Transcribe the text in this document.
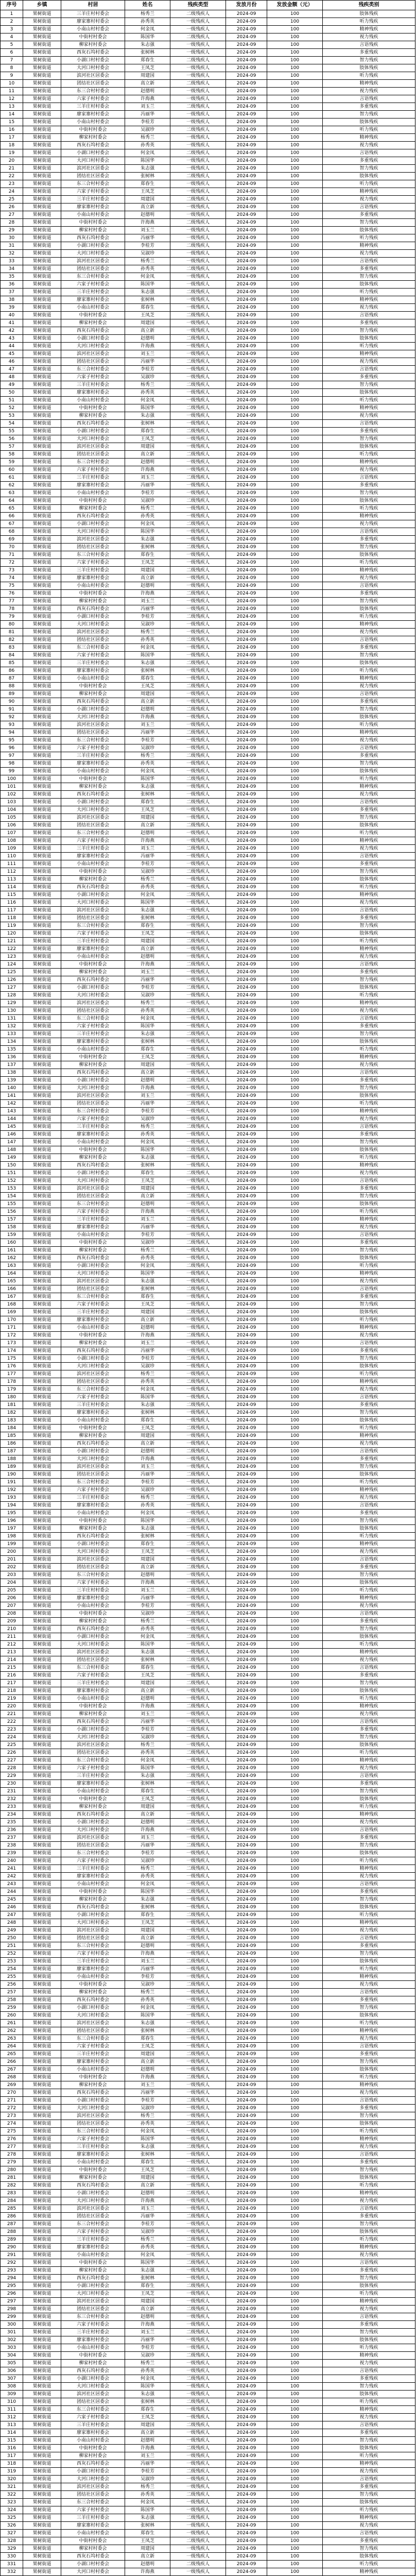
序号	乡镇	村居	姓名	残疾类型	发放月份	发放金额（元）	残疾类别
1	果树街道	三羊庄村村委会	杨秀兰	二级残疾人	2024-09	100	肢体残疾
2	果树街道	廖家寨村村委会	孙秀英	一级残疾人	2024-09	100	听力残疾
3	果树街道	小南山村村委会	何金凤	一级残疾人	2024-09	100	精神残疾
4	果树街道	中街村村委会	陈国华	二级残疾人	2024-09	100	视力残疾
5	果树街道	柳家村村委会	朱志强	一级残疾人	2024-09	100	言语残疾
6	果树街道	西灰石坞村委会	张树林	一级残疾人	2024-09	100	多重残疾
7	果树街道	小湖口村村委会	郑春生	二级残疾人	2024-09	100	智力残疾
8	果树街道	大河口村村委会	王凤芝	一级残疾人	2024-09	100	肢体残疾
9	果树街道	滨河社区居委会	周建国	一级残疾人	2024-09	100	听力残疾
10	果树街道	团结社区居委会	高立新	二级残疾人	2024-09	100	精神残疾
11	果树街道	东三合村村委会	赵德明	一级残疾人	2024-09	100	视力残疾
12	果树街道	六家子村村委会	许海燕	一级残疾人	2024-09	100	言语残疾
13	果树街道	三羊庄村村委会	刘玉兰	二级残疾人	2024-09	100	多重残疾
14	果树街道	廖家寨村村委会	冯丽华	一级残疾人	2024-09	100	智力残疾
15	果树街道	小南山村村委会	李桂芳	一级残疾人	2024-09	100	肢体残疾
16	果树街道	中街村村委会	吴淑珍	二级残疾人	2024-09	100	听力残疾
17	果树街道	柳家村村委会	杨秀兰	一级残疾人	2024-09	100	精神残疾
18	果树街道	西灰石坞村委会	孙秀英	一级残疾人	2024-09	100	视力残疾
19	果树街道	小湖口村村委会	何金凤	二级残疾人	2024-09	100	言语残疾
20	果树街道	大河口村村委会	陈国华	一级残疾人	2024-09	100	多重残疾
21	果树街道	滨河社区居委会	朱志强	一级残疾人	2024-09	100	智力残疾
22	果树街道	团结社区居委会	张树林	二级残疾人	2024-09	100	肢体残疾
23	果树街道	东三合村村委会	郑春生	一级残疾人	2024-09	100	听力残疾
24	果树街道	六家子村村委会	王凤芝	一级残疾人	2024-09	100	精神残疾
25	果树街道	三羊庄村村委会	周建国	二级残疾人	2024-09	100	视力残疾
26	果树街道	廖家寨村村委会	高立新	一级残疾人	2024-09	100	言语残疾
27	果树街道	小南山村村委会	赵德明	一级残疾人	2024-09	100	多重残疾
28	果树街道	中街村村委会	许海燕	二级残疾人	2024-09	100	智力残疾
29	果树街道	柳家村村委会	刘玉兰	一级残疾人	2024-09	100	肢体残疾
30	果树街道	西灰石坞村委会	冯丽华	一级残疾人	2024-09	100	听力残疾
31	果树街道	小湖口村村委会	李桂芳	二级残疾人	2024-09	100	精神残疾
32	果树街道	大河口村村委会	吴淑珍	一级残疾人	2024-09	100	视力残疾
33	果树街道	滨河社区居委会	杨秀兰	一级残疾人	2024-09	100	言语残疾
34	果树街道	团结社区居委会	孙秀英	二级残疾人	2024-09	100	多重残疾
35	果树街道	东三合村村委会	何金凤	一级残疾人	2024-09	100	智力残疾
36	果树街道	六家子村村委会	陈国华	一级残疾人	2024-09	100	肢体残疾
37	果树街道	三羊庄村村委会	朱志强	二级残疾人	2024-09	100	听力残疾
38	果树街道	廖家寨村村委会	张树林	一级残疾人	2024-09	100	精神残疾
39	果树街道	小南山村村委会	郑春生	一级残疾人	2024-09	100	视力残疾
40	果树街道	中街村村委会	王凤芝	二级残疾人	2024-09	100	言语残疾
41	果树街道	柳家村村委会	周建国	一级残疾人	2024-09	100	多重残疾
42	果树街道	西灰石坞村委会	高立新	一级残疾人	2024-09	100	智力残疾
43	果树街道	小湖口村村委会	赵德明	二级残疾人	2024-09	100	肢体残疾
44	果树街道	大河口村村委会	许海燕	一级残疾人	2024-09	100	听力残疾
45	果树街道	滨河社区居委会	刘玉兰	一级残疾人	2024-09	100	精神残疾
46	果树街道	团结社区居委会	冯丽华	二级残疾人	2024-09	100	视力残疾
47	果树街道	东三合村村委会	李桂芳	一级残疾人	2024-09	100	言语残疾
48	果树街道	六家子村村委会	吴淑珍	一级残疾人	2024-09	100	多重残疾
49	果树街道	三羊庄村村委会	杨秀兰	二级残疾人	2024-09	100	智力残疾
50	果树街道	廖家寨村村委会	孙秀英	一级残疾人	2024-09	100	肢体残疾
51	果树街道	小南山村村委会	何金凤	一级残疾人	2024-09	100	听力残疾
52	果树街道	中街村村委会	陈国华	二级残疾人	2024-09	100	精神残疾
53	果树街道	柳家村村委会	朱志强	一级残疾人	2024-09	100	视力残疾
54	果树街道	西灰石坞村委会	张树林	一级残疾人	2024-09	100	言语残疾
55	果树街道	小湖口村村委会	郑春生	二级残疾人	2024-09	100	多重残疾
56	果树街道	大河口村村委会	王凤芝	一级残疾人	2024-09	100	智力残疾
57	果树街道	滨河社区居委会	周建国	一级残疾人	2024-09	100	肢体残疾
58	果树街道	团结社区居委会	高立新	二级残疾人	2024-09	100	听力残疾
59	果树街道	东三合村村委会	赵德明	一级残疾人	2024-09	100	精神残疾
60	果树街道	六家子村村委会	许海燕	一级残疾人	2024-09	100	视力残疾
61	果树街道	三羊庄村村委会	刘玉兰	二级残疾人	2024-09	100	言语残疾
62	果树街道	廖家寨村村委会	冯丽华	一级残疾人	2024-09	100	多重残疾
63	果树街道	小南山村村委会	李桂芳	一级残疾人	2024-09	100	智力残疾
64	果树街道	中街村村委会	吴淑珍	二级残疾人	2024-09	100	肢体残疾
65	果树街道	柳家村村委会	杨秀兰	一级残疾人	2024-09	100	听力残疾
66	果树街道	西灰石坞村委会	孙秀英	一级残疾人	2024-09	100	精神残疾
67	果树街道	小湖口村村委会	何金凤	二级残疾人	2024-09	100	视力残疾
68	果树街道	大河口村村委会	陈国华	一级残疾人	2024-09	100	言语残疾
69	果树街道	滨河社区居委会	朱志强	一级残疾人	2024-09	100	多重残疾
70	果树街道	团结社区居委会	张树林	二级残疾人	2024-09	100	智力残疾
71	果树街道	东三合村村委会	郑春生	一级残疾人	2024-09	100	肢体残疾
72	果树街道	六家子村村委会	王凤芝	一级残疾人	2024-09	100	听力残疾
73	果树街道	三羊庄村村委会	周建国	二级残疾人	2024-09	100	精神残疾
74	果树街道	廖家寨村村委会	高立新	一级残疾人	2024-09	100	视力残疾
75	果树街道	小南山村村委会	赵德明	一级残疾人	2024-09	100	言语残疾
76	果树街道	中街村村委会	许海燕	二级残疾人	2024-09	100	多重残疾
77	果树街道	柳家村村委会	刘玉兰	一级残疾人	2024-09	100	智力残疾
78	果树街道	西灰石坞村委会	冯丽华	一级残疾人	2024-09	100	肢体残疾
79	果树街道	小湖口村村委会	李桂芳	二级残疾人	2024-09	100	听力残疾
80	果树街道	大河口村村委会	吴淑珍	一级残疾人	2024-09	100	精神残疾
81	果树街道	滨河社区居委会	杨秀兰	一级残疾人	2024-09	100	视力残疾
82	果树街道	团结社区居委会	孙秀英	二级残疾人	2024-09	100	言语残疾
83	果树街道	东三合村村委会	何金凤	一级残疾人	2024-09	100	多重残疾
84	果树街道	六家子村村委会	陈国华	一级残疾人	2024-09	100	智力残疾
85	果树街道	三羊庄村村委会	朱志强	二级残疾人	2024-09	100	肢体残疾
86	果树街道	廖家寨村村委会	张树林	一级残疾人	2024-09	100	听力残疾
87	果树街道	小南山村村委会	郑春生	一级残疾人	2024-09	100	精神残疾
88	果树街道	中街村村委会	王凤芝	二级残疾人	2024-09	100	视力残疾
89	果树街道	柳家村村委会	周建国	一级残疾人	2024-09	100	言语残疾
90	果树街道	西灰石坞村委会	高立新	一级残疾人	2024-09	100	多重残疾
91	果树街道	小湖口村村委会	赵德明	二级残疾人	2024-09	100	智力残疾
92	果树街道	大河口村村委会	许海燕	一级残疾人	2024-09	100	肢体残疾
93	果树街道	滨河社区居委会	刘玉兰	一级残疾人	2024-09	100	听力残疾
94	果树街道	团结社区居委会	冯丽华	二级残疾人	2024-09	100	精神残疾
95	果树街道	东三合村村委会	李桂芳	一级残疾人	2024-09	100	视力残疾
96	果树街道	六家子村村委会	吴淑珍	一级残疾人	2024-09	100	言语残疾
97	果树街道	三羊庄村村委会	杨秀兰	二级残疾人	2024-09	100	多重残疾
98	果树街道	廖家寨村村委会	孙秀英	一级残疾人	2024-09	100	智力残疾
99	果树街道	小南山村村委会	何金凤	一级残疾人	2024-09	100	肢体残疾
100	果树街道	中街村村委会	陈国华	二级残疾人	2024-09	100	听力残疾
101	果树街道	柳家村村委会	朱志强	一级残疾人	2024-09	100	精神残疾
102	果树街道	西灰石坞村委会	张树林	一级残疾人	2024-09	100	视力残疾
103	果树街道	小湖口村村委会	郑春生	二级残疾人	2024-09	100	言语残疾
104	果树街道	大河口村村委会	王凤芝	一级残疾人	2024-09	100	多重残疾
105	果树街道	滨河社区居委会	周建国	一级残疾人	2024-09	100	智力残疾
106	果树街道	团结社区居委会	高立新	二级残疾人	2024-09	100	肢体残疾
107	果树街道	东三合村村委会	赵德明	一级残疾人	2024-09	100	听力残疾
108	果树街道	六家子村村委会	许海燕	一级残疾人	2024-09	100	精神残疾
109	果树街道	三羊庄村村委会	刘玉兰	二级残疾人	2024-09	100	视力残疾
110	果树街道	廖家寨村村委会	冯丽华	一级残疾人	2024-09	100	言语残疾
111	果树街道	小南山村村委会	李桂芳	一级残疾人	2024-09	100	多重残疾
112	果树街道	中街村村委会	吴淑珍	二级残疾人	2024-09	100	智力残疾
113	果树街道	柳家村村委会	杨秀兰	一级残疾人	2024-09	100	肢体残疾
114	果树街道	西灰石坞村委会	孙秀英	一级残疾人	2024-09	100	听力残疾
115	果树街道	小湖口村村委会	何金凤	二级残疾人	2024-09	100	精神残疾
116	果树街道	大河口村村委会	陈国华	一级残疾人	2024-09	100	视力残疾
117	果树街道	滨河社区居委会	朱志强	一级残疾人	2024-09	100	言语残疾
118	果树街道	团结社区居委会	张树林	二级残疾人	2024-09	100	多重残疾
119	果树街道	东三合村村委会	郑春生	一级残疾人	2024-09	100	智力残疾
120	果树街道	六家子村村委会	王凤芝	一级残疾人	2024-09	100	肢体残疾
121	果树街道	三羊庄村村委会	周建国	二级残疾人	2024-09	100	听力残疾
122	果树街道	廖家寨村村委会	高立新	一级残疾人	2024-09	100	精神残疾
123	果树街道	小南山村村委会	赵德明	一级残疾人	2024-09	100	视力残疾
124	果树街道	中街村村委会	许海燕	二级残疾人	2024-09	100	言语残疾
125	果树街道	柳家村村委会	刘玉兰	一级残疾人	2024-09	100	多重残疾
126	果树街道	西灰石坞村委会	冯丽华	一级残疾人	2024-09	100	智力残疾
127	果树街道	小湖口村村委会	李桂芳	二级残疾人	2024-09	100	肢体残疾
128	果树街道	大河口村村委会	吴淑珍	一级残疾人	2024-09	100	听力残疾
129	果树街道	滨河社区居委会	杨秀兰	一级残疾人	2024-09	100	精神残疾
130	果树街道	团结社区居委会	孙秀英	二级残疾人	2024-09	100	视力残疾
131	果树街道	东三合村村委会	何金凤	一级残疾人	2024-09	100	言语残疾
132	果树街道	六家子村村委会	陈国华	一级残疾人	2024-09	100	多重残疾
133	果树街道	三羊庄村村委会	朱志强	二级残疾人	2024-09	100	智力残疾
134	果树街道	廖家寨村村委会	张树林	一级残疾人	2024-09	100	肢体残疾
135	果树街道	小南山村村委会	郑春生	一级残疾人	2024-09	100	听力残疾
136	果树街道	中街村村委会	王凤芝	二级残疾人	2024-09	100	精神残疾
137	果树街道	柳家村村委会	周建国	一级残疾人	2024-09	100	视力残疾
138	果树街道	西灰石坞村委会	高立新	一级残疾人	2024-09	100	言语残疾
139	果树街道	小湖口村村委会	赵德明	二级残疾人	2024-09	100	多重残疾
140	果树街道	大河口村村委会	许海燕	一级残疾人	2024-09	100	智力残疾
141	果树街道	滨河社区居委会	刘玉兰	一级残疾人	2024-09	100	肢体残疾
142	果树街道	团结社区居委会	冯丽华	二级残疾人	2024-09	100	听力残疾
143	果树街道	东三合村村委会	李桂芳	一级残疾人	2024-09	100	精神残疾
144	果树街道	六家子村村委会	吴淑珍	一级残疾人	2024-09	100	视力残疾
145	果树街道	三羊庄村村委会	杨秀兰	二级残疾人	2024-09	100	言语残疾
146	果树街道	廖家寨村村委会	孙秀英	一级残疾人	2024-09	100	多重残疾
147	果树街道	小南山村村委会	何金凤	一级残疾人	2024-09	100	智力残疾
148	果树街道	中街村村委会	陈国华	二级残疾人	2024-09	100	肢体残疾
149	果树街道	柳家村村委会	朱志强	一级残疾人	2024-09	100	听力残疾
150	果树街道	西灰石坞村委会	张树林	一级残疾人	2024-09	100	精神残疾
151	果树街道	小湖口村村委会	郑春生	二级残疾人	2024-09	100	视力残疾
152	果树街道	大河口村村委会	王凤芝	一级残疾人	2024-09	100	言语残疾
153	果树街道	滨河社区居委会	周建国	一级残疾人	2024-09	100	多重残疾
154	果树街道	团结社区居委会	高立新	二级残疾人	2024-09	100	智力残疾
155	果树街道	东三合村村委会	赵德明	一级残疾人	2024-09	100	肢体残疾
156	果树街道	六家子村村委会	许海燕	一级残疾人	2024-09	100	听力残疾
157	果树街道	三羊庄村村委会	刘玉兰	二级残疾人	2024-09	100	精神残疾
158	果树街道	廖家寨村村委会	冯丽华	一级残疾人	2024-09	100	视力残疾
159	果树街道	小南山村村委会	李桂芳	一级残疾人	2024-09	100	言语残疾
160	果树街道	中街村村委会	吴淑珍	二级残疾人	2024-09	100	多重残疾
161	果树街道	柳家村村委会	杨秀兰	一级残疾人	2024-09	100	智力残疾
162	果树街道	西灰石坞村委会	孙秀英	一级残疾人	2024-09	100	肢体残疾
163	果树街道	小湖口村村委会	何金凤	二级残疾人	2024-09	100	听力残疾
164	果树街道	大河口村村委会	陈国华	一级残疾人	2024-09	100	精神残疾
165	果树街道	滨河社区居委会	朱志强	一级残疾人	2024-09	100	视力残疾
166	果树街道	团结社区居委会	张树林	二级残疾人	2024-09	100	言语残疾
167	果树街道	东三合村村委会	郑春生	一级残疾人	2024-09	100	多重残疾
168	果树街道	六家子村村委会	王凤芝	一级残疾人	2024-09	100	智力残疾
169	果树街道	三羊庄村村委会	周建国	二级残疾人	2024-09	100	肢体残疾
170	果树街道	廖家寨村村委会	高立新	一级残疾人	2024-09	100	听力残疾
171	果树街道	小南山村村委会	赵德明	一级残疾人	2024-09	100	精神残疾
172	果树街道	中街村村委会	许海燕	二级残疾人	2024-09	100	视力残疾
173	果树街道	柳家村村委会	刘玉兰	一级残疾人	2024-09	100	言语残疾
174	果树街道	西灰石坞村委会	冯丽华	一级残疾人	2024-09	100	多重残疾
175	果树街道	小湖口村村委会	李桂芳	二级残疾人	2024-09	100	智力残疾
176	果树街道	大河口村村委会	吴淑珍	一级残疾人	2024-09	100	肢体残疾
177	果树街道	滨河社区居委会	杨秀兰	一级残疾人	2024-09	100	听力残疾
178	果树街道	团结社区居委会	孙秀英	二级残疾人	2024-09	100	精神残疾
179	果树街道	东三合村村委会	何金凤	一级残疾人	2024-09	100	视力残疾
180	果树街道	六家子村村委会	陈国华	一级残疾人	2024-09	100	言语残疾
181	果树街道	三羊庄村村委会	朱志强	二级残疾人	2024-09	100	多重残疾
182	果树街道	廖家寨村村委会	张树林	一级残疾人	2024-09	100	智力残疾
183	果树街道	小南山村村委会	郑春生	一级残疾人	2024-09	100	肢体残疾
184	果树街道	中街村村委会	王凤芝	二级残疾人	2024-09	100	听力残疾
185	果树街道	柳家村村委会	周建国	一级残疾人	2024-09	100	精神残疾
186	果树街道	西灰石坞村委会	高立新	一级残疾人	2024-09	100	视力残疾
187	果树街道	小湖口村村委会	赵德明	二级残疾人	2024-09	100	言语残疾
188	果树街道	大河口村村委会	许海燕	一级残疾人	2024-09	100	多重残疾
189	果树街道	滨河社区居委会	刘玉兰	一级残疾人	2024-09	100	智力残疾
190	果树街道	团结社区居委会	冯丽华	二级残疾人	2024-09	100	肢体残疾
191	果树街道	东三合村村委会	李桂芳	一级残疾人	2024-09	100	听力残疾
192	果树街道	六家子村村委会	吴淑珍	一级残疾人	2024-09	100	精神残疾
193	果树街道	三羊庄村村委会	杨秀兰	二级残疾人	2024-09	100	视力残疾
194	果树街道	廖家寨村村委会	孙秀英	一级残疾人	2024-09	100	言语残疾
195	果树街道	小南山村村委会	何金凤	一级残疾人	2024-09	100	多重残疾
196	果树街道	中街村村委会	陈国华	二级残疾人	2024-09	100	智力残疾
197	果树街道	柳家村村委会	朱志强	一级残疾人	2024-09	100	肢体残疾
198	果树街道	西灰石坞村委会	张树林	一级残疾人	2024-09	100	听力残疾
199	果树街道	小湖口村村委会	郑春生	二级残疾人	2024-09	100	精神残疾
200	果树街道	大河口村村委会	王凤芝	一级残疾人	2024-09	100	视力残疾
201	果树街道	滨河社区居委会	周建国	一级残疾人	2024-09	100	言语残疾
202	果树街道	团结社区居委会	高立新	二级残疾人	2024-09	100	多重残疾
203	果树街道	东三合村村委会	赵德明	一级残疾人	2024-09	100	智力残疾
204	果树街道	六家子村村委会	许海燕	一级残疾人	2024-09	100	肢体残疾
205	果树街道	三羊庄村村委会	刘玉兰	二级残疾人	2024-09	100	听力残疾
206	果树街道	廖家寨村村委会	冯丽华	一级残疾人	2024-09	100	精神残疾
207	果树街道	小南山村村委会	李桂芳	一级残疾人	2024-09	100	视力残疾
208	果树街道	中街村村委会	吴淑珍	二级残疾人	2024-09	100	言语残疾
209	果树街道	柳家村村委会	杨秀兰	一级残疾人	2024-09	100	多重残疾
210	果树街道	西灰石坞村委会	孙秀英	一级残疾人	2024-09	100	智力残疾
211	果树街道	小湖口村村委会	何金凤	二级残疾人	2024-09	100	肢体残疾
212	果树街道	大河口村村委会	陈国华	一级残疾人	2024-09	100	听力残疾
213	果树街道	滨河社区居委会	朱志强	一级残疾人	2024-09	100	精神残疾
214	果树街道	团结社区居委会	张树林	二级残疾人	2024-09	100	视力残疾
215	果树街道	东三合村村委会	郑春生	一级残疾人	2024-09	100	言语残疾
216	果树街道	六家子村村委会	王凤芝	一级残疾人	2024-09	100	多重残疾
217	果树街道	三羊庄村村委会	周建国	二级残疾人	2024-09	100	智力残疾
218	果树街道	廖家寨村村委会	高立新	一级残疾人	2024-09	100	肢体残疾
219	果树街道	小南山村村委会	赵德明	一级残疾人	2024-09	100	听力残疾
220	果树街道	中街村村委会	许海燕	二级残疾人	2024-09	100	精神残疾
221	果树街道	柳家村村委会	刘玉兰	一级残疾人	2024-09	100	视力残疾
222	果树街道	西灰石坞村委会	冯丽华	一级残疾人	2024-09	100	言语残疾
223	果树街道	小湖口村村委会	李桂芳	二级残疾人	2024-09	100	多重残疾
224	果树街道	大河口村村委会	吴淑珍	一级残疾人	2024-09	100	智力残疾
225	果树街道	滨河社区居委会	杨秀兰	一级残疾人	2024-09	100	肢体残疾
226	果树街道	团结社区居委会	孙秀英	二级残疾人	2024-09	100	听力残疾
227	果树街道	东三合村村委会	何金凤	一级残疾人	2024-09	100	精神残疾
228	果树街道	六家子村村委会	陈国华	一级残疾人	2024-09	100	视力残疾
229	果树街道	三羊庄村村委会	朱志强	二级残疾人	2024-09	100	言语残疾
230	果树街道	廖家寨村村委会	张树林	一级残疾人	2024-09	100	多重残疾
231	果树街道	小南山村村委会	郑春生	一级残疾人	2024-09	100	智力残疾
232	果树街道	中街村村委会	王凤芝	二级残疾人	2024-09	100	肢体残疾
233	果树街道	柳家村村委会	周建国	一级残疾人	2024-09	100	听力残疾
234	果树街道	西灰石坞村委会	高立新	一级残疾人	2024-09	100	精神残疾
235	果树街道	小湖口村村委会	赵德明	二级残疾人	2024-09	100	视力残疾
236	果树街道	大河口村村委会	许海燕	一级残疾人	2024-09	100	言语残疾
237	果树街道	滨河社区居委会	刘玉兰	一级残疾人	2024-09	100	多重残疾
238	果树街道	团结社区居委会	冯丽华	二级残疾人	2024-09	100	智力残疾
239	果树街道	东三合村村委会	李桂芳	一级残疾人	2024-09	100	肢体残疾
240	果树街道	六家子村村委会	吴淑珍	一级残疾人	2024-09	100	听力残疾
241	果树街道	三羊庄村村委会	杨秀兰	二级残疾人	2024-09	100	精神残疾
242	果树街道	廖家寨村村委会	孙秀英	一级残疾人	2024-09	100	视力残疾
243	果树街道	小南山村村委会	何金凤	一级残疾人	2024-09	100	言语残疾
244	果树街道	中街村村委会	陈国华	二级残疾人	2024-09	100	多重残疾
245	果树街道	柳家村村委会	朱志强	一级残疾人	2024-09	100	智力残疾
246	果树街道	西灰石坞村委会	张树林	一级残疾人	2024-09	100	肢体残疾
247	果树街道	小湖口村村委会	郑春生	二级残疾人	2024-09	100	听力残疾
248	果树街道	大河口村村委会	王凤芝	一级残疾人	2024-09	100	精神残疾
249	果树街道	滨河社区居委会	周建国	一级残疾人	2024-09	100	视力残疾
250	果树街道	团结社区居委会	高立新	二级残疾人	2024-09	100	言语残疾
251	果树街道	东三合村村委会	赵德明	一级残疾人	2024-09	100	多重残疾
252	果树街道	六家子村村委会	许海燕	一级残疾人	2024-09	100	智力残疾
253	果树街道	三羊庄村村委会	刘玉兰	二级残疾人	2024-09	100	肢体残疾
254	果树街道	廖家寨村村委会	冯丽华	一级残疾人	2024-09	100	听力残疾
255	果树街道	小南山村村委会	李桂芳	一级残疾人	2024-09	100	精神残疾
256	果树街道	中街村村委会	吴淑珍	二级残疾人	2024-09	100	视力残疾
257	果树街道	柳家村村委会	杨秀兰	一级残疾人	2024-09	100	言语残疾
258	果树街道	西灰石坞村委会	孙秀英	一级残疾人	2024-09	100	多重残疾
259	果树街道	小湖口村村委会	何金凤	二级残疾人	2024-09	100	智力残疾
260	果树街道	大河口村村委会	陈国华	一级残疾人	2024-09	100	肢体残疾
261	果树街道	滨河社区居委会	朱志强	一级残疾人	2024-09	100	听力残疾
262	果树街道	团结社区居委会	张树林	二级残疾人	2024-09	100	精神残疾
263	果树街道	东三合村村委会	郑春生	一级残疾人	2024-09	100	视力残疾
264	果树街道	六家子村村委会	王凤芝	一级残疾人	2024-09	100	言语残疾
265	果树街道	三羊庄村村委会	周建国	二级残疾人	2024-09	100	多重残疾
266	果树街道	廖家寨村村委会	高立新	一级残疾人	2024-09	100	智力残疾
267	果树街道	小南山村村委会	赵德明	一级残疾人	2024-09	100	肢体残疾
268	果树街道	中街村村委会	许海燕	二级残疾人	2024-09	100	听力残疾
269	果树街道	柳家村村委会	刘玉兰	一级残疾人	2024-09	100	精神残疾
270	果树街道	西灰石坞村委会	冯丽华	一级残疾人	2024-09	100	视力残疾
271	果树街道	小湖口村村委会	李桂芳	二级残疾人	2024-09	100	言语残疾
272	果树街道	大河口村村委会	吴淑珍	一级残疾人	2024-09	100	多重残疾
273	果树街道	滨河社区居委会	杨秀兰	一级残疾人	2024-09	100	智力残疾
274	果树街道	团结社区居委会	孙秀英	二级残疾人	2024-09	100	肢体残疾
275	果树街道	东三合村村委会	何金凤	一级残疾人	2024-09	100	听力残疾
276	果树街道	六家子村村委会	陈国华	一级残疾人	2024-09	100	精神残疾
277	果树街道	三羊庄村村委会	朱志强	二级残疾人	2024-09	100	视力残疾
278	果树街道	廖家寨村村委会	张树林	一级残疾人	2024-09	100	言语残疾
279	果树街道	小南山村村委会	郑春生	一级残疾人	2024-09	100	多重残疾
280	果树街道	中街村村委会	王凤芝	二级残疾人	2024-09	100	智力残疾
281	果树街道	柳家村村委会	周建国	一级残疾人	2024-09	100	肢体残疾
282	果树街道	西灰石坞村委会	高立新	一级残疾人	2024-09	100	听力残疾
283	果树街道	小湖口村村委会	赵德明	二级残疾人	2024-09	100	精神残疾
284	果树街道	大河口村村委会	许海燕	一级残疾人	2024-09	100	视力残疾
285	果树街道	滨河社区居委会	刘玉兰	一级残疾人	2024-09	100	言语残疾
286	果树街道	团结社区居委会	冯丽华	二级残疾人	2024-09	100	多重残疾
287	果树街道	东三合村村委会	李桂芳	一级残疾人	2024-09	100	智力残疾
288	果树街道	六家子村村委会	吴淑珍	一级残疾人	2024-09	100	肢体残疾
289	果树街道	三羊庄村村委会	杨秀兰	二级残疾人	2024-09	100	听力残疾
290	果树街道	廖家寨村村委会	孙秀英	一级残疾人	2024-09	100	精神残疾
291	果树街道	小南山村村委会	何金凤	一级残疾人	2024-09	100	视力残疾
292	果树街道	中街村村委会	陈国华	二级残疾人	2024-09	100	言语残疾
293	果树街道	柳家村村委会	朱志强	一级残疾人	2024-09	100	多重残疾
294	果树街道	西灰石坞村委会	张树林	一级残疾人	2024-09	100	智力残疾
295	果树街道	小湖口村村委会	郑春生	二级残疾人	2024-09	100	肢体残疾
296	果树街道	大河口村村委会	王凤芝	一级残疾人	2024-09	100	听力残疾
297	果树街道	滨河社区居委会	周建国	一级残疾人	2024-09	100	精神残疾
298	果树街道	团结社区居委会	高立新	二级残疾人	2024-09	100	视力残疾
299	果树街道	东三合村村委会	赵德明	一级残疾人	2024-09	100	言语残疾
300	果树街道	六家子村村委会	许海燕	一级残疾人	2024-09	100	多重残疾
301	果树街道	三羊庄村村委会	刘玉兰	二级残疾人	2024-09	100	智力残疾
302	果树街道	廖家寨村村委会	冯丽华	一级残疾人	2024-09	100	肢体残疾
303	果树街道	小南山村村委会	李桂芳	一级残疾人	2024-09	100	听力残疾
304	果树街道	中街村村委会	吴淑珍	二级残疾人	2024-09	100	精神残疾
305	果树街道	柳家村村委会	杨秀兰	一级残疾人	2024-09	100	视力残疾
306	果树街道	西灰石坞村委会	孙秀英	一级残疾人	2024-09	100	言语残疾
307	果树街道	小湖口村村委会	何金凤	二级残疾人	2024-09	100	多重残疾
308	果树街道	大河口村村委会	陈国华	一级残疾人	2024-09	100	智力残疾
309	果树街道	滨河社区居委会	朱志强	一级残疾人	2024-09	100	肢体残疾
310	果树街道	团结社区居委会	张树林	二级残疾人	2024-09	100	听力残疾
311	果树街道	东三合村村委会	郑春生	一级残疾人	2024-09	100	精神残疾
312	果树街道	六家子村村委会	王凤芝	一级残疾人	2024-09	100	视力残疾
313	果树街道	三羊庄村村委会	周建国	二级残疾人	2024-09	100	言语残疾
314	果树街道	廖家寨村村委会	高立新	一级残疾人	2024-09	100	多重残疾
315	果树街道	小南山村村委会	赵德明	一级残疾人	2024-09	100	智力残疾
316	果树街道	中街村村委会	许海燕	二级残疾人	2024-09	100	肢体残疾
317	果树街道	柳家村村委会	刘玉兰	一级残疾人	2024-09	100	听力残疾
318	果树街道	西灰石坞村委会	冯丽华	一级残疾人	2024-09	100	精神残疾
319	果树街道	小湖口村村委会	李桂芳	二级残疾人	2024-09	100	视力残疾
320	果树街道	大河口村村委会	吴淑珍	一级残疾人	2024-09	100	言语残疾
321	果树街道	滨河社区居委会	杨秀兰	一级残疾人	2024-09	100	多重残疾
322	果树街道	团结社区居委会	孙秀英	二级残疾人	2024-09	100	智力残疾
323	果树街道	东三合村村委会	何金凤	一级残疾人	2024-09	100	肢体残疾
324	果树街道	六家子村村委会	陈国华	一级残疾人	2024-09	100	听力残疾
325	果树街道	三羊庄村村委会	朱志强	二级残疾人	2024-09	100	精神残疾
326	果树街道	廖家寨村村委会	张树林	一级残疾人	2024-09	100	视力残疾
327	果树街道	小南山村村委会	郑春生	一级残疾人	2024-09	100	言语残疾
328	果树街道	中街村村委会	王凤芝	二级残疾人	2024-09	100	多重残疾
329	果树街道	柳家村村委会	周建国	一级残疾人	2024-09	100	智力残疾
330	果树街道	西灰石坞村委会	高立新	一级残疾人	2024-09	100	肢体残疾
331	果树街道	小湖口村村委会	赵德明	二级残疾人	2024-09	100	听力残疾
332	果树街道	大河口村村委会	许海燕	一级残疾人	2024-09	100	精神残疾
